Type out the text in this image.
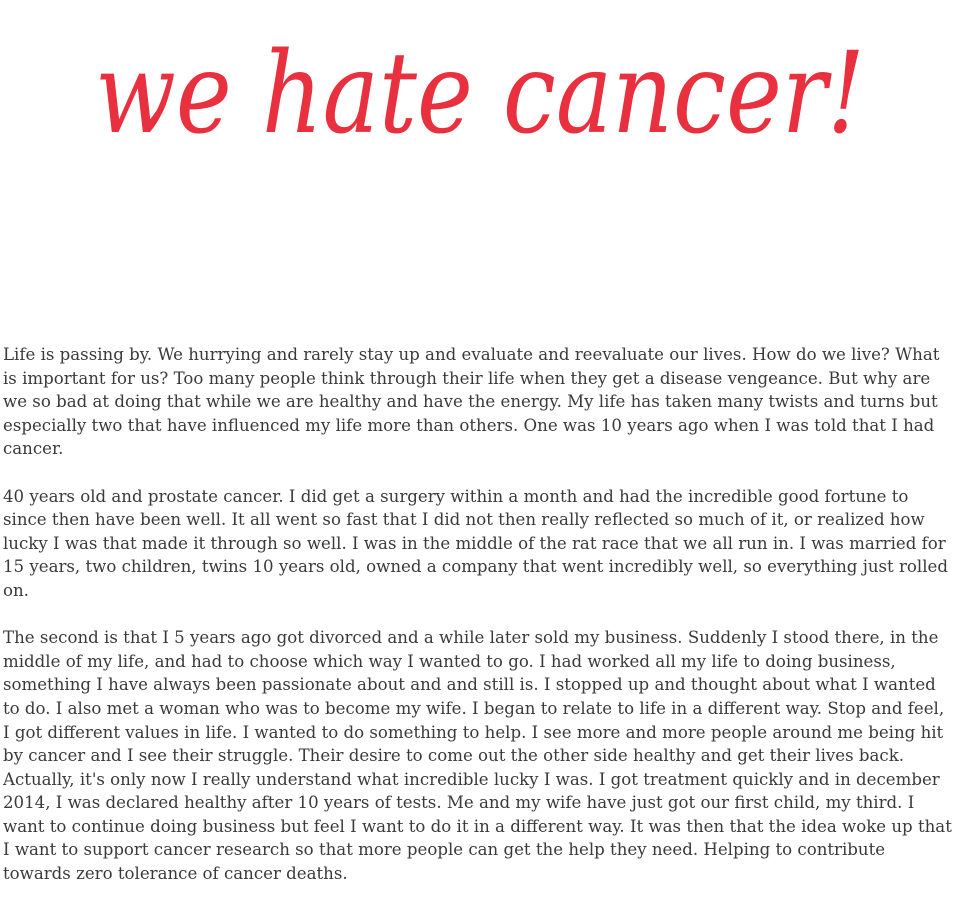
we hate cancer!

Life is passing by. We hurrying and rarely stay up and evaluate and reevaluate our lives. How do we live? What is important for us? Too many people think through their life when they get a disease vengeance. But why are we so bad at doing that while we are healthy and have the energy. My life has taken many twists and turns but especially two that have influenced my life more than others. One was 10 years ago when I was told that I had cancer.

40 years old and prostate cancer. I did get a surgery within a month and had the incredible good fortune to since then have been well. It all went so fast that I did not then really reflected so much of it, or realized how lucky I was that made it through so well. I was in the middle of the rat race that we all run in. I was married for 15 years, two children, twins 10 years old, owned a company that went incredibly well, so everything just rolled on.

The second is that I 5 years ago got divorced and a while later sold my business. Suddenly I stood there, in the middle of my life, and had to choose which way I wanted to go. I had worked all my life to doing business, something I have always been passionate about and and still is. I stopped up and thought about what I wanted to do. I also met a woman who was to become my wife. I began to relate to life in a different way. Stop and feel, I got different values in life. I wanted to do something to help. I see more and more people around me being hit by cancer and I see their struggle. Their desire to come out the other side healthy and get their lives back. Actually, it's only now I really understand what incredible lucky I was. I got treatment quickly and in december 2014, I was declared healthy after 10 years of tests. Me and my wife have just got our first child, my third. I want to continue doing business but feel I want to do it in a different way. It was then that the idea woke up that I want to support cancer research so that more people can get the help they need. Helping to contribute towards zero tolerance of cancer deaths.
